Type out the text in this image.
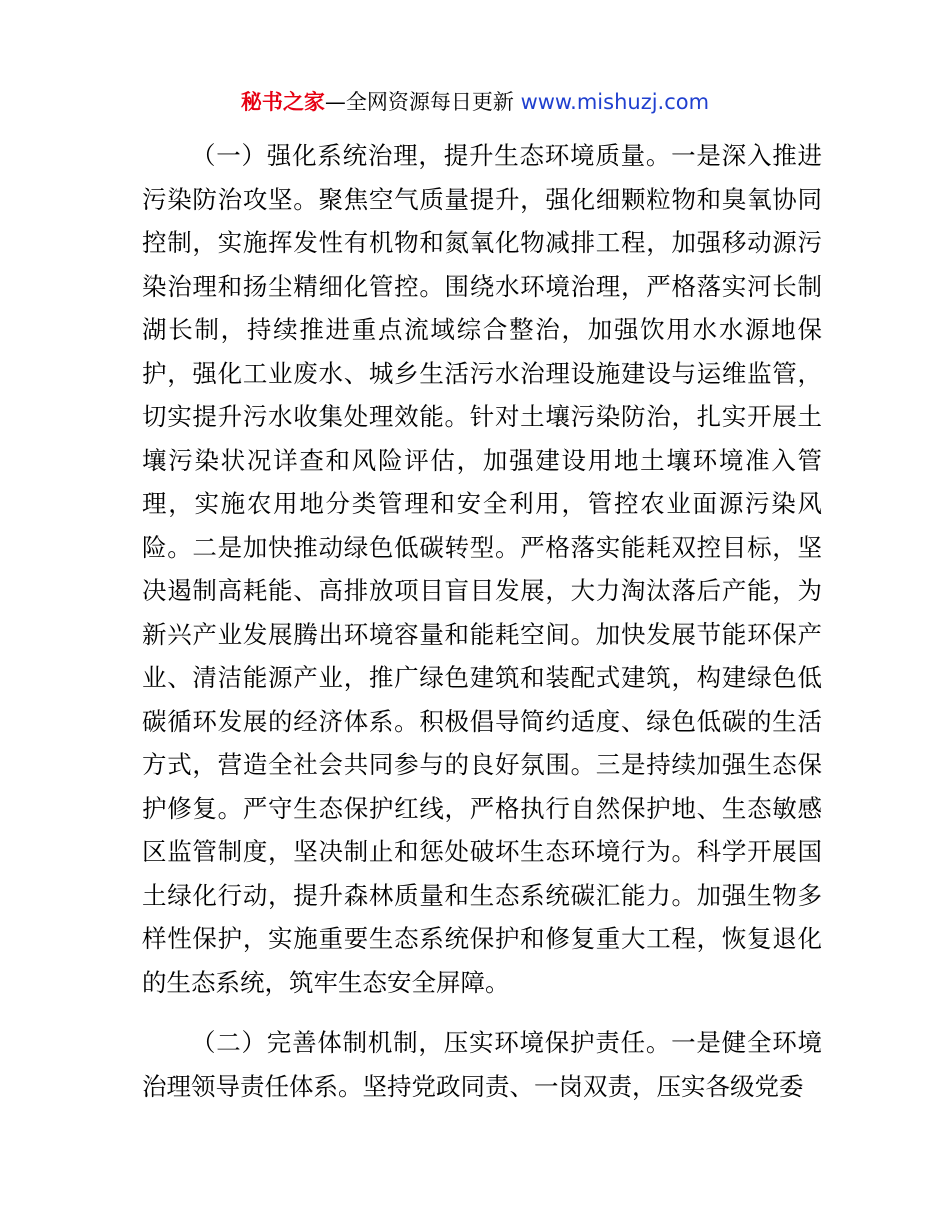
秘书之家—全网资源每日更新 www.mishuzj.com

（一）强化系统治理，提升生态环境质量。一是深入推进污染防治攻坚。聚焦空气质量提升，强化细颗粒物和臭氧协同控制，实施挥发性有机物和氮氧化物减排工程，加强移动源污染治理和扬尘精细化管控。围绕水环境治理，严格落实河长制湖长制，持续推进重点流域综合整治，加强饮用水水源地保护，强化工业废水、城乡生活污水治理设施建设与运维监管，切实提升污水收集处理效能。针对土壤污染防治，扎实开展土壤污染状况详查和风险评估，加强建设用地土壤环境准入管理，实施农用地分类管理和安全利用，管控农业面源污染风险。二是加快推动绿色低碳转型。严格落实能耗双控目标，坚决遏制高耗能、高排放项目盲目发展，大力淘汰落后产能，为新兴产业发展腾出环境容量和能耗空间。加快发展节能环保产业、清洁能源产业，推广绿色建筑和装配式建筑，构建绿色低碳循环发展的经济体系。积极倡导简约适度、绿色低碳的生活方式，营造全社会共同参与的良好氛围。三是持续加强生态保护修复。严守生态保护红线，严格执行自然保护地、生态敏感区监管制度，坚决制止和惩处破坏生态环境行为。科学开展国土绿化行动，提升森林质量和生态系统碳汇能力。加强生物多样性保护，实施重要生态系统保护和修复重大工程，恢复退化的生态系统，筑牢生态安全屏障。

（二）完善体制机制，压实环境保护责任。一是健全环境治理领导责任体系。坚持党政同责、一岗双责，压实各级党委
